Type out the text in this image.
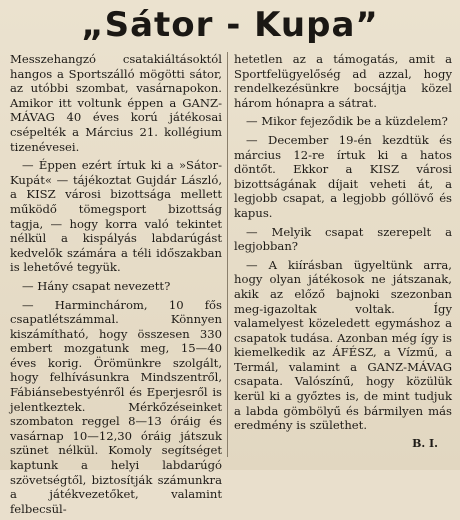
„Sátor - Kupa”

Messzehangzó csatakiáltásoktól hangos a Sportszálló mögötti sátor, az utóbbi szombat, vasárnapokon. Amikor itt voltunk éppen a GANZ-MÁVAG 40 éves korú játékosai csépelték a Március 21. kollégium tizenévesei.

— Éppen ezért írtuk ki a »Sátor-Kupát« — tájékoztat Gujdár László, a KISZ városi bizottsága mellett működő tömegsport bizottság tagja, — hogy korra való tekintet nélkül a kispályás labdarúgást kedvelők számára a téli időszakban is lehetővé tegyük.

— Hány csapat nevezett?

— Harminchárom, 10 fős csapatlétszámmal. Könnyen kiszámítható, hogy összesen 330 embert mozgatunk meg, 15—40 éves korig. Örömünkre szolgált, hogy felhívásunkra Mindszentről, Fábiánsebestyénről és Eperjesről is jelentkeztek. Mérkőzéseinket szombaton reggel 8—13 óráig és vasárnap 10—12,30 óráig játszuk szünet nélkül. Komoly segítséget kaptunk a helyi labdarúgó szövetségtől, biztosítják számunkra a játékvezetőket, valamint felbecsül-

hetetlen az a támogatás, amit a Sportfelügyelőség ad azzal, hogy rendelkezésünkre bocsájtja közel három hónapra a sátrat.

— Mikor fejeződik be a küzdelem?

— December 19-én kezdtük és március 12-re írtuk ki a hatos döntőt. Ekkor a KISZ városi bizottságának díjait veheti át, a legjobb csapat, a legjobb góllövő és kapus.

— Melyik csapat szerepelt a legjobban?

— A kiírásban ügyeltünk arra, hogy olyan játékosok ne játszanak, akik az előző bajnoki szezonban meg-igazoltak voltak. Így valamelyest közeledett egymáshoz a csapatok tudása. Azonban még így is kiemelkedik az ÁFÉSZ, a Vízmű, a Termál, valamint a GANZ-MÁVAG csapata. Valószínű, hogy közülük kerül ki a győztes is, de mint tudjuk a labda gömbölyű és bármilyen más eredmény is születhet.

B. I.
